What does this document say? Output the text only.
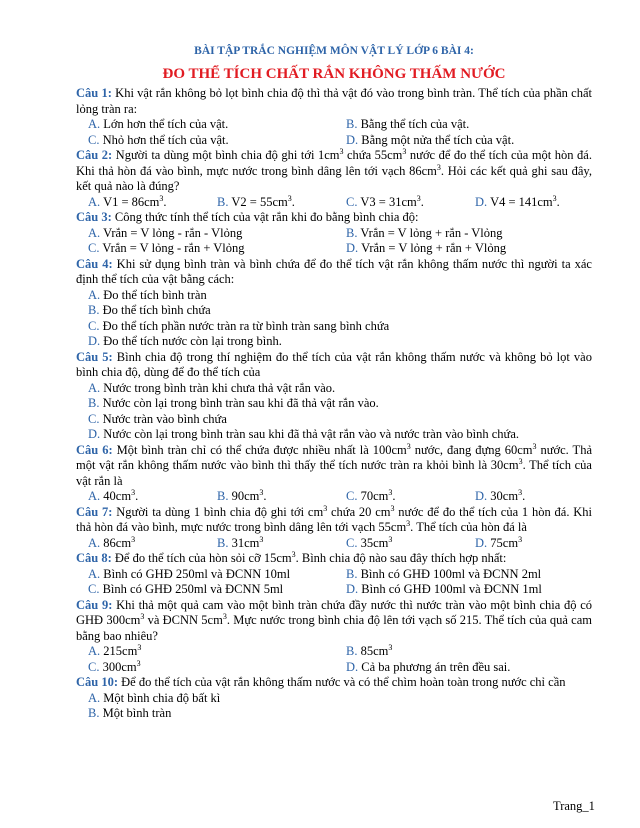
BÀI TẬP TRẮC NGHIỆM MÔN VẬT LÝ LỚP 6 BÀI 4:
ĐO THỂ TÍCH CHẤT RẮN KHÔNG THẤM NƯỚC
Câu 1: Khi vật rắn không bỏ lọt bình chia độ thì thả vật đó vào trong bình tràn. Thể tích của phần chất lỏng tràn ra:
A. Lớn hơn thể tích của vật.	B. Bằng thể tích của vật.
C. Nhỏ hơn thể tích của vật.	D. Bằng một nửa thể tích của vật.
Câu 2: Người ta dùng một bình chia độ ghi tới $1cm^3$ chứa $55cm^3$ nước để đo thể tích của một hòn đá. Khi thả hòn đá vào bình, mực nước trong bình dâng lên tới vạch $86cm^3$. Hỏi các kết quả ghi sau đây, kết quả nào là đúng?
A. $V1 = 86cm^3$.	B. $V2 = 55cm^3$.	C. $V3 = 31cm^3$.	D. $V4 = 141cm^3$.
Câu 3: Công thức tính thể tích của vật rắn khi đo bằng bình chia độ:
A. Vrắn = V lỏng - rắn - Vlỏng	B. Vrắn = V lỏng + rắn - Vlỏng
C. Vrắn = V lỏng - rắn + Vlỏng	D. Vrắn = V lỏng + rắn + Vlỏng
Câu 4: Khi sử dụng bình tràn và bình chứa để đo thể tích vật rắn không thấm nước thì người ta xác định thể tích của vật bằng cách:
A.
Đo thể tích bình tràn
B.
Đo thể tích bình chứa
C.
Đo thể tích phần nước tràn ra từ bình tràn sang bình chứa
D.
Đo thể tích nước còn lại trong bình.
Câu 5: Bình chia độ trong thí nghiệm đo thể tích của vật rắn không thấm nước và không bỏ lọt vào bình chia độ, dùng để đo thể tích của
A.
Nước trong bình tràn khi chưa thả vật rắn vào.
B.
Nước còn lại trong bình tràn sau khi đã thả vật rắn vào.
C.
Nước tràn vào bình chứa
D.
Nước còn lại trong bình tràn sau khi đã thả vật rắn vào và nước tràn vào bình chứa.
Câu 6: Một bình tràn chỉ có thể chứa được nhiều nhất là $100cm^3$ nước, đang đựng $60cm^3$ nước. Thả một vật rắn không thấm nước vào bình thì thấy thể tích nước tràn ra khỏi bình là $30cm^3$. Thể tích của vật rắn là
A. $40cm^3$.	B. $90cm^3$.	C. $70cm^3$.	D. $30cm^3$.
Câu 7: Người ta dùng 1 bình chia độ ghi tới $cm^3$ chứa 20 $cm^3$ nước để đo thể tích của 1 hòn đá. Khi thả hòn đá vào bình, mực nước trong bình dâng lên tới vạch $55cm^3$. Thể tích của hòn đá là
A. $86cm^3$	B. $31cm^3$	C. $35cm^3$	D. $75cm^3$
Câu 8: Để đo thể tích của hòn sỏi cỡ $15cm^3$. Bình chia độ nào sau đây thích hợp nhất:
A. Bình có GHĐ 250ml và ĐCNN 10ml	B. Bình có GHĐ 100ml và ĐCNN 2ml
C. Bình có GHĐ 250ml và ĐCNN 5ml	D. Bình có GHĐ 100ml và ĐCNN 1ml
Câu 9: Khi thả một quả cam vào một bình tràn chứa đầy nước thì nước tràn vào một bình chia độ có GHĐ $300cm^3$ và ĐCNN $5cm^3$. Mực nước trong bình chia độ lên tới vạch số 215. Thể tích của quả cam bằng bao nhiêu?
A. $215cm^3$	B. $85cm^3$
C. $300cm^3$	D. Cả ba phương án trên đều sai.
Câu 10: Để đo thể tích của vật rắn không thấm nước và có thể chìm hoàn toàn trong nước chỉ cần
A.
Một bình chia độ bất kì
B.
Một bình tràn
Trang_1
